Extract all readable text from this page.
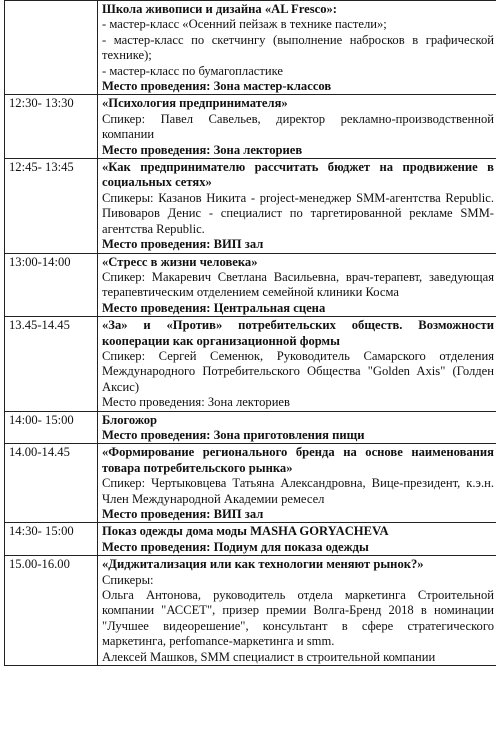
	Школа живописи и дизайна «AL Fresco»:
- мастер-класс «Осенний пейзаж в технике пастели»;
- мастер-класс по скетчингу (выполнение набросков в графической технике);
- мастер-класс по бумагопластике
Место проведения: Зона мастер-классов

12:30- 13:30	«Психология предпринимателя»
Спикер: Павел Савельев, директор рекламно-производственной компании
Место проведения: Зона лекториев

12:45- 13:45	«Как предпринимателю рассчитать бюджет на продвижение в социальных сетях»
Спикеры: Казанов Никита - project-менеджер SMM-агентства Republic. Пивоваров Денис - специалист по таргетированной рекламе SMM-агентства Republic.
Место проведения: ВИП зал

13:00-14:00	«Стресс в жизни человека»
Спикер: Макаревич Светлана Васильевна, врач-терапевт, заведующая терапевтическим отделением семейной клиники Косма
Место проведения: Центральная сцена

13.45-14.45	«За» и «Против» потребительских обществ. Возможности кооперации как организационной формы
Спикер: Сергей Семенюк, Руководитель Самарского отделения Международного Потребительского Общества "Golden Axis" (Голден Аксис)
Место проведения: Зона лекториев

14:00- 15:00	Блогожор
Место проведения: Зона приготовления пищи

14.00-14.45	«Формирование регионального бренда на основе наименования товара потребительского рынка»
Спикер: Чертыковцева Татьяна Александровна, Вице-президент, к.э.н. Член Международной Академии ремесел
Место проведения: ВИП зал

14:30- 15:00	Показ одежды дома моды MASHA GORYACHEVA
Место проведения: Подиум для показа одежды

15.00-16.00	«Диджитализация или как технологии меняют рынок?»
Спикеры:
Ольга Антонова, руководитель отдела маркетинга Строительной компании "АССЕТ", призер премии Волга-Бренд 2018 в номинации "Лучшее видеорешение", консультант в сфере стратегического маркетинга, perfomance-маркетинга и smm.
Алексей Машков, SMM специалист в строительной компании
